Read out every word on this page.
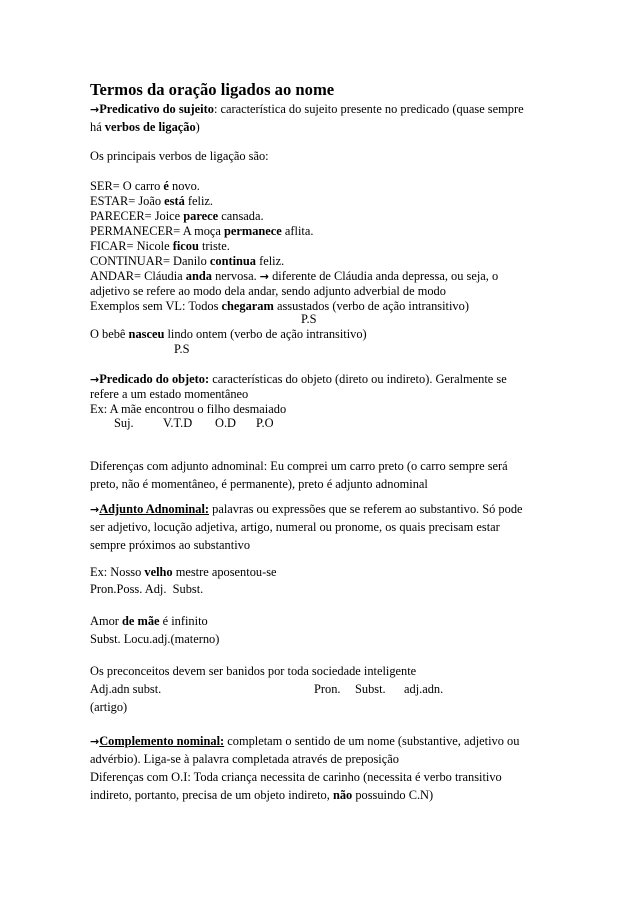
Termos da oração ligados ao nome
→Predicativo do sujeito: característica do sujeito presente no predicado (quase sempre
há verbos de ligação)
Os principais verbos de ligação são:
SER= O carro é novo.
ESTAR= João está feliz.
PARECER= Joice parece cansada.
PERMANECER= A moça permanece aflita.
FICAR= Nicole ficou triste.
CONTINUAR= Danilo continua feliz.
ANDAR= Cláudia anda nervosa. → diferente de Cláudia anda depressa, ou seja, o
adjetivo se refere ao modo dela andar, sendo adjunto adverbial de modo
Exemplos sem VL: Todos chegaram assustados (verbo de ação intransitivo)
P.S
O bebê nasceu lindo ontem (verbo de ação intransitivo)
P.S
→Predicado do objeto: características do objeto (direto ou indireto). Geralmente se
refere a um estado momentâneo
Ex: A mãe encontrou o filho desmaiado
Suj. V.T.D O.D P.O
Diferenças com adjunto adnominal: Eu comprei um carro preto (o carro sempre será
preto, não é momentâneo, é permanente), preto é adjunto adnominal
→Adjunto Adnominal: palavras ou expressões que se referem ao substantivo. Só pode
ser adjetivo, locução adjetiva, artigo, numeral ou pronome, os quais precisam estar
sempre próximos ao substantivo
Ex: Nosso velho mestre aposentou-se
Pron.Poss. Adj.  Subst.
Amor de mãe é infinito
Subst. Locu.adj.(materno)
Os preconceitos devem ser banidos por toda sociedade inteligente
Adj.adn subst.	Pron. Subst. adj.adn.
(artigo)
→Complemento nominal: completam o sentido de um nome (substantive, adjetivo ou
advérbio). Liga-se à palavra completada através de preposição
Diferenças com O.I: Toda criança necessita de carinho (necessita é verbo transitivo
indireto, portanto, precisa de um objeto indireto, não possuindo C.N)
